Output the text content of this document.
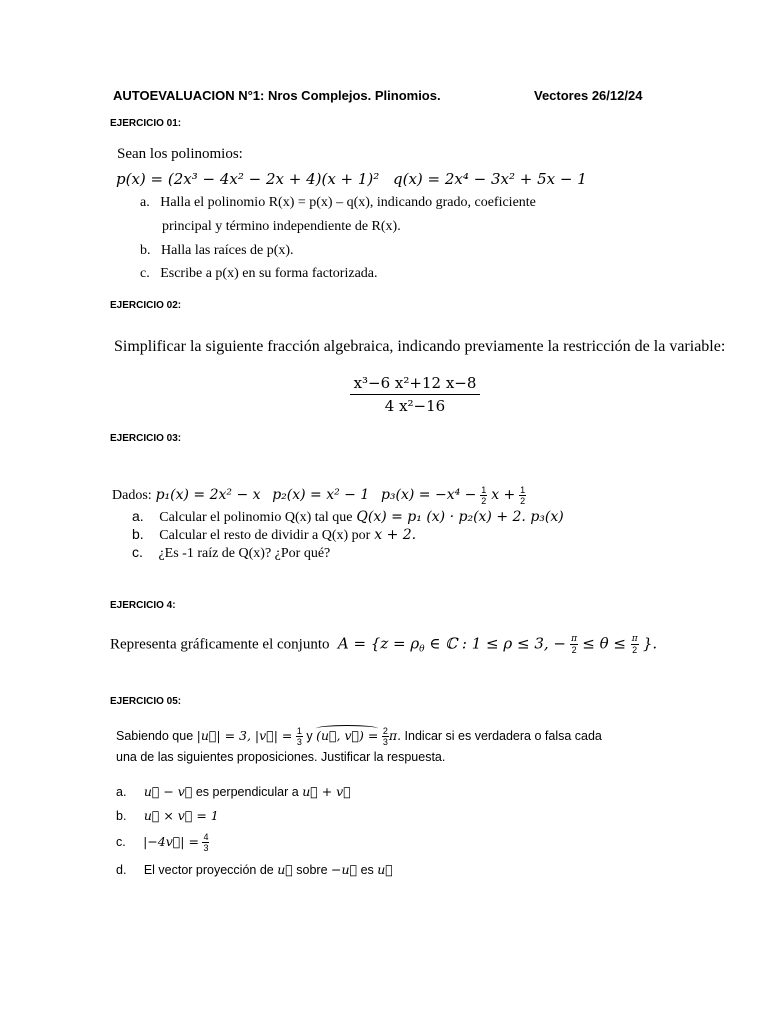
AUTOEVALUACION N°1: Nros Complejos. Plinomios.	Vectores 26/12/24
EJERCICIO 01:
Sean los polinomios:
p(x) = (2x³ − 4x² − 2x + 4)(x + 1)² q(x) = 2x⁴ − 3x² + 5x − 1
a. Halla el polinomio R(x) = p(x) – q(x), indicando grado, coeficiente
principal y término independiente de R(x).
b. Halla las raíces de p(x).
c. Escribe a p(x) en su forma factorizada.
EJERCICIO 02:
Simplificar la siguiente fracción algebraica, indicando previamente la restricción de la variable:
$\frac{\text{x³−6 x²+12 x−8}}{\text{4 x²−16}}$
EJERCICIO 03:
Dados: p₁(x) = 2x² − x p₂(x) = x² − 1 $p_3(x) = -x^4 - \frac{1}{2}$ $x + \frac{1}{2}$
a. Calcular el polinomio Q(x) tal que Q(x) = p₁ (x) · p₂(x) + 2. p₃(x)
b. Calcular el resto de dividir a Q(x) por x + 2.
c. ¿Es -1 raíz de Q(x)? ¿Por qué?
EJERCICIO 4:
Representa gráficamente el conjunto $A = \{z = \rho_\theta$ ∈ ℂ : 1 ≤ ρ ≤ 3, − $\frac{\pi}{2} \le \theta \le \frac{\pi}{2}$ }.
EJERCICIO 05:
Sabiendo que |u⃗| = 3, |v⃗| = $\frac{1}{3}$ y (u⃗, v⃗) = $\frac{2}{3} \pi$. Indicar si es verdadera o falsa cada
una de las siguientes proposiciones. Justificar la respuesta.
a. u⃗ − v⃗ es perpendicular a u⃗ + v⃗
b. u⃗ × v⃗ = 1
c. |−4v⃗| = $\frac{4}{3}$
d. El vector proyección de u⃗ sobre −u⃗ es u⃗
